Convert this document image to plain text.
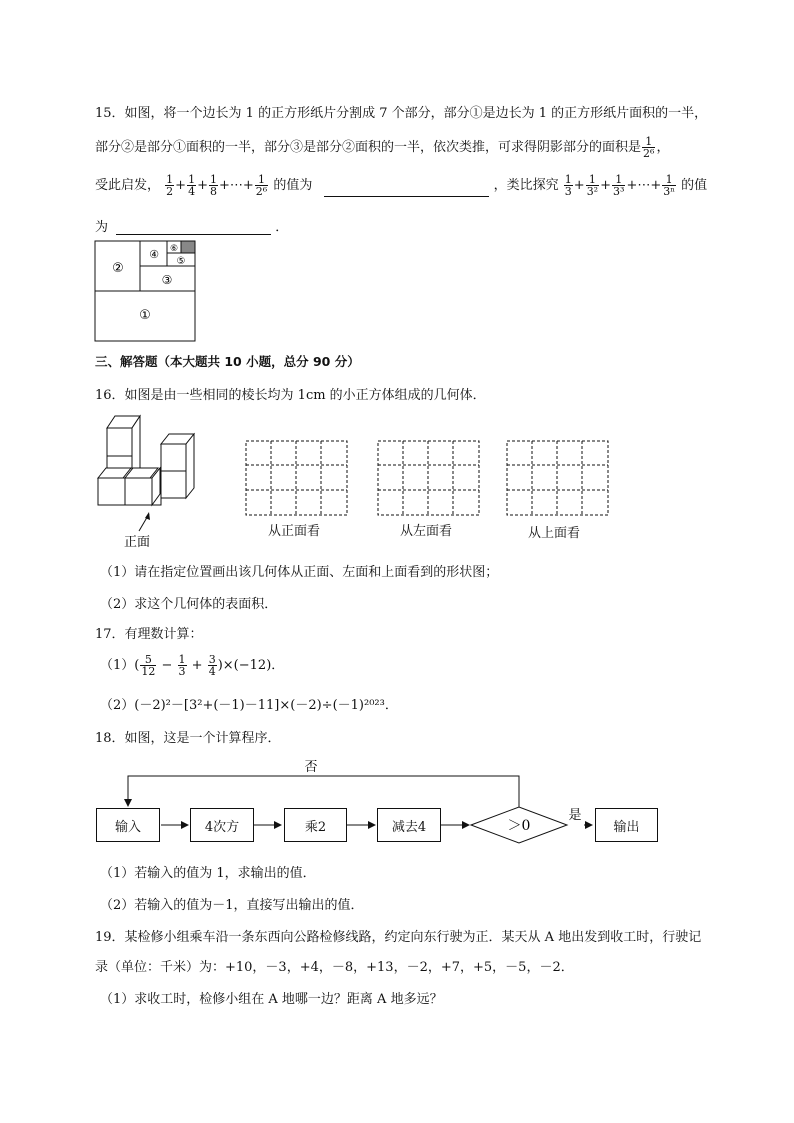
15．如图，将一个边长为 1 的正方形纸片分割成 7 个部分，部分①是边长为 1 的正方形纸片面积的一半，
部分②是部分①面积的一半，部分③是部分②面积的一半，依次类推，可求得阴影部分的面积是 $\frac{1}{\text{2⁶}}$ ，
受此启发， $\frac{1}{2} + \frac{1}{4} + \frac{1}{8}$ +⋯+ $\frac{1}{\text{2⁶}}$ 的值为	，类比探究 $\frac{1}{3} + \frac{1}{\text{3²}} + \frac{1}{\text{3³}}$ +⋯+ $\frac{1}{\text{3ⁿ}}$ 的值
为	．
①
②
③
④
⑤
⑥
三、解答题（本大题共 10 小题，总分 90 分）
16．如图是由一些相同的棱长均为 1cm 的小正方体组成的几何体．
正面
从正面看	从左面看	从上面看
（1）请在指定位置画出该几何体从正面、左面和上面看到的形状图；
（2）求这个几何体的表面积．
17．有理数计算：
$(1)( \frac{5}{12} - \frac{1}{3} + \frac{3}{4} )\times(-12)$．
（2）(－2)²－[3²+(－1)－11]×(－2)÷(－1)²⁰²³．
18．如图，这是一个计算程序．
＞0
否
是
输入	4次方	乘2	减去4	输出
（1）若输入的值为 1，求输出的值．
（2）若输入的值为－1，直接写出输出的值．
19．某检修小组乘车沿一条东西向公路检修线路，约定向东行驶为正．某天从 A 地出发到收工时，行驶记
录（单位：千米）为：+10，－3，+4，－8，+13，－2，+7，+5，－5，－2．
（1）求收工时，检修小组在 A 地哪一边？距离 A 地多远？
